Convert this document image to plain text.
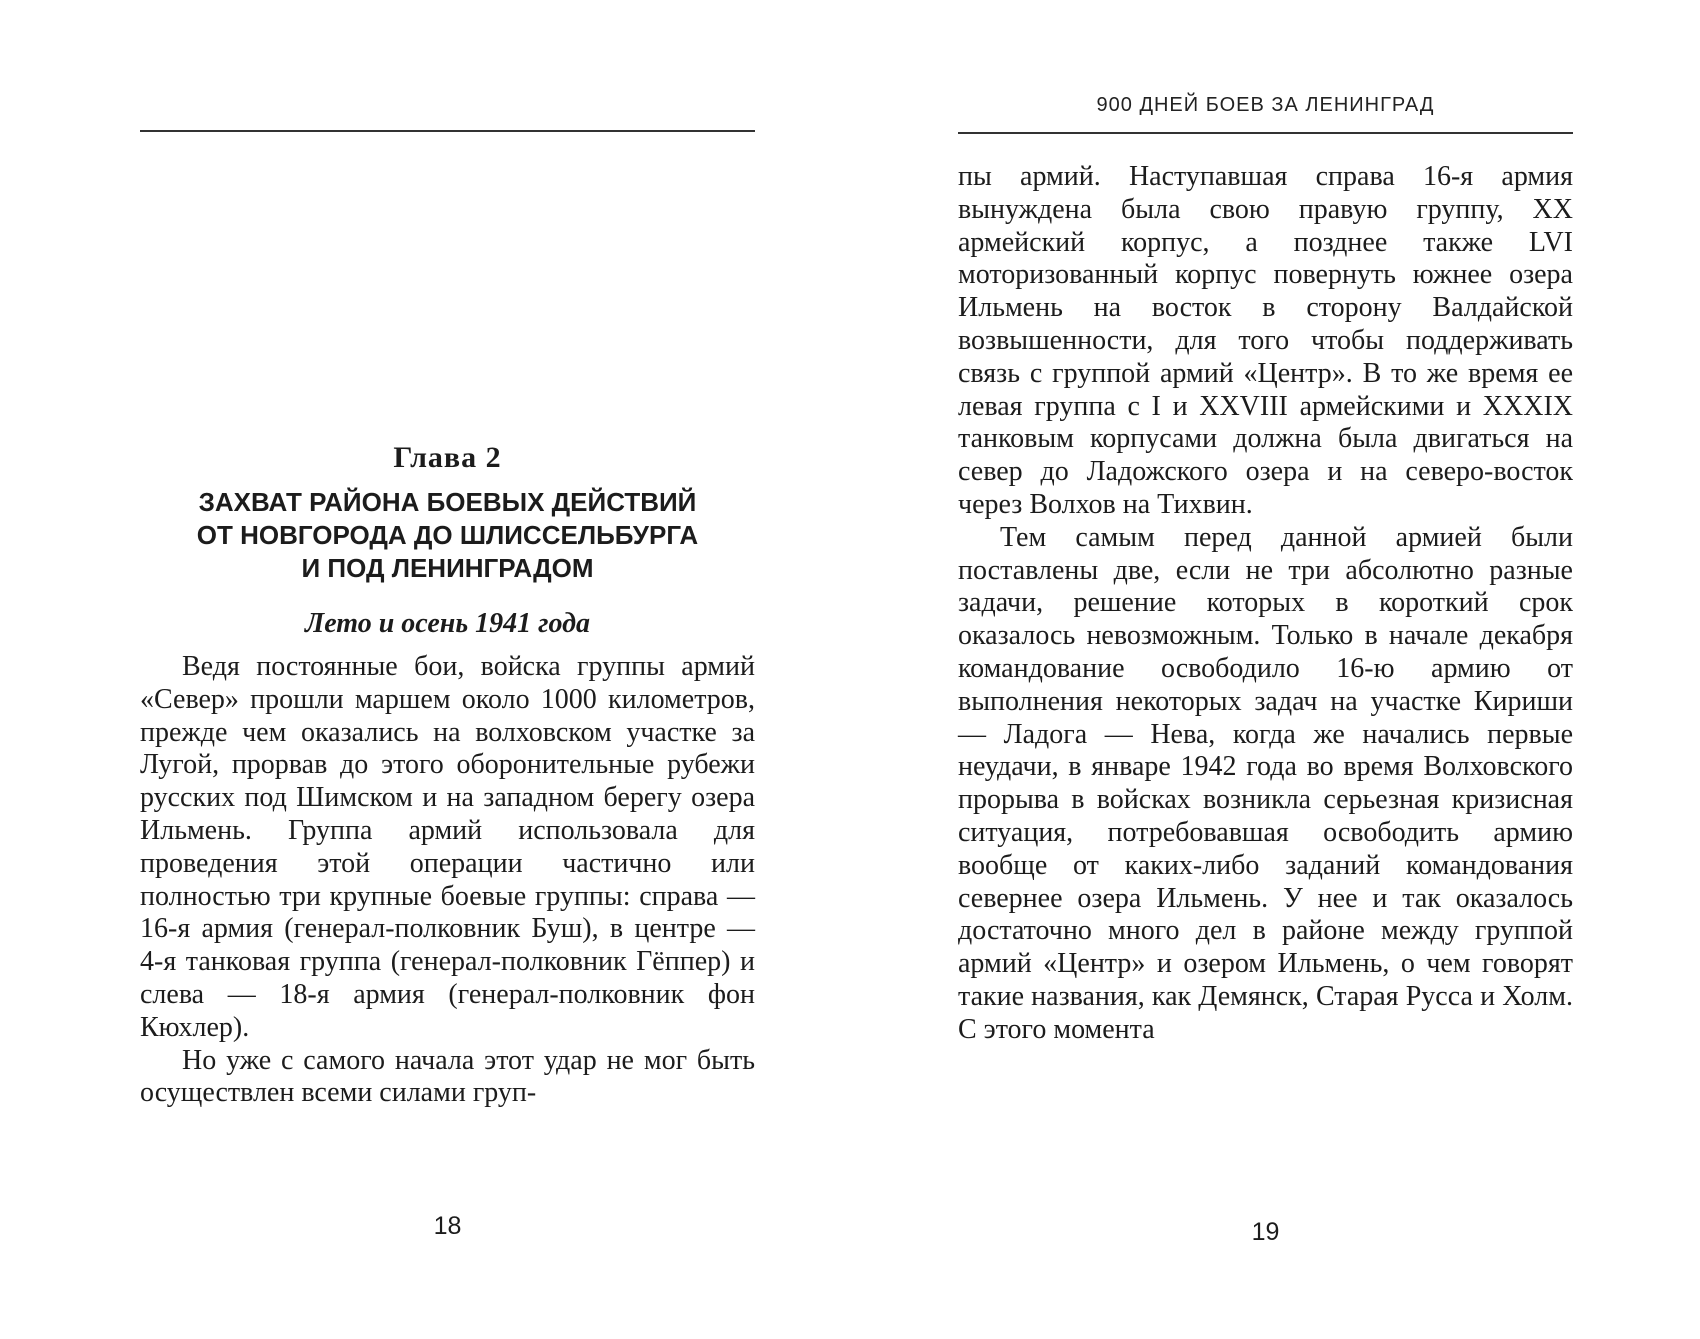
Глава 2

ЗАХВАТ РАЙОНА БОЕВЫХ ДЕЙСТВИЙ
ОТ НОВГОРОДА ДО ШЛИССЕЛЬБУРГА
И ПОД ЛЕНИНГРАДОМ

Лето и осень 1941 года

Ведя постоянные бои, войска группы армий «Север» прошли маршем около 1000 километров, прежде чем оказались на волховском участке за Лугой, прорвав до этого оборонительные рубежи русских под Шимском и на западном берегу озера Ильмень. Группа армий использовала для проведения этой операции частично или полностью три крупные боевые группы: справа — 16-я армия (генерал-полковник Буш), в центре — 4-я танковая группа (генерал-полковник Гёппер) и слева — 18-я армия (генерал-полковник фон Кюхлер).

Но уже с самого начала этот удар не мог быть осуществлен всеми силами груп-

18
900 ДНЕЙ БОЕВ ЗА ЛЕНИНГРАД

пы армий. Наступавшая справа 16-я армия вынуждена была свою правую группу, XX армейский корпус, а позднее также LVI моторизованный корпус повернуть южнее озера Ильмень на восток в сторону Валдайской возвышенности, для того чтобы поддерживать связь с группой армий «Центр». В то же время ее левая группа с I и XXVIII армейскими и XXXIX танковым корпусами должна была двигаться на север до Ладожского озера и на северо-восток через Волхов на Тихвин.

Тем самым перед данной армией были поставлены две, если не три абсолютно разные задачи, решение которых в короткий срок оказалось невозможным. Только в начале декабря командование освободило 16-ю армию от выполнения некоторых задач на участке Кириши — Ладога — Нева, когда же начались первые неудачи, в январе 1942 года во время Волховского прорыва в войсках возникла серьезная кризисная ситуация, потребовавшая освободить армию вообще от каких-либо заданий командования севернее озера Ильмень. У нее и так оказалось достаточно много дел в районе между группой армий «Центр» и озером Ильмень, о чем говорят такие названия, как Демянск, Старая Русса и Холм. С этого момента

19
